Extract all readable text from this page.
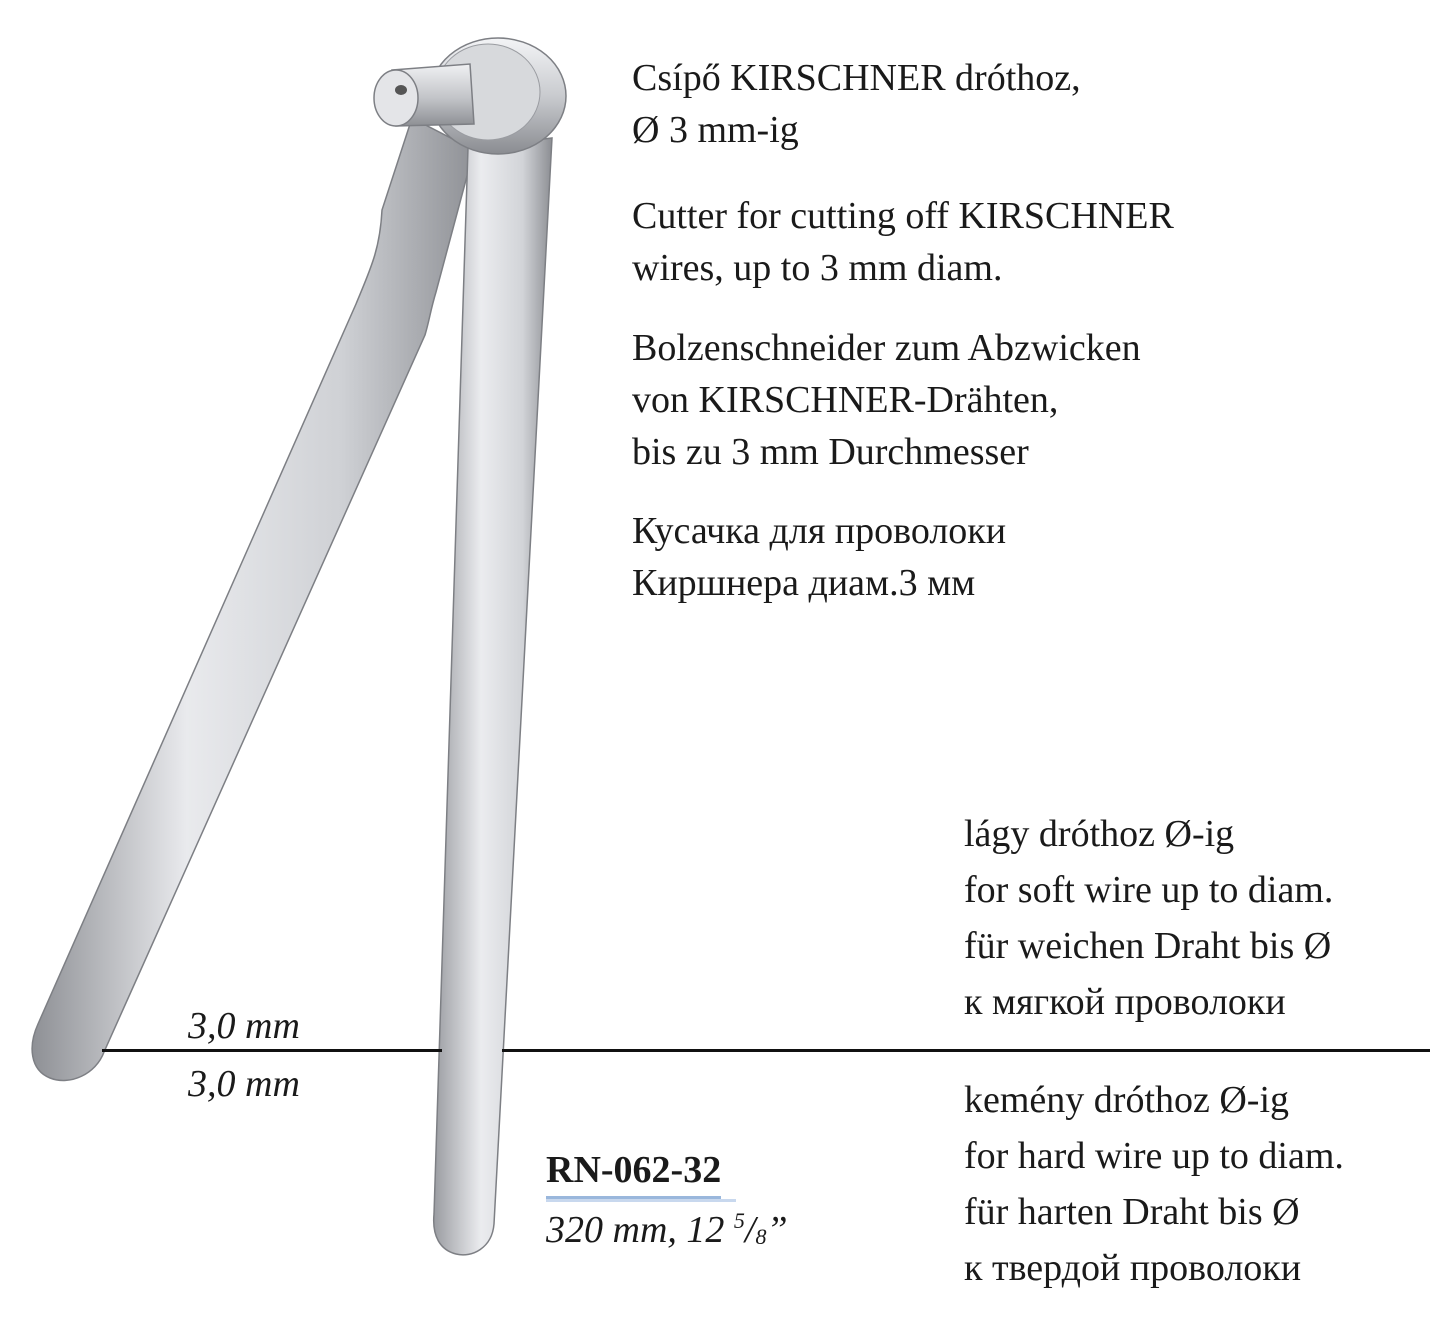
Csípő KIRSCHNER dróthoz,
Ø 3 mm-ig
Cutter for cutting off KIRSCHNER
wires, up to 3 mm diam.
Bolzenschneider zum Abzwicken
von KIRSCHNER-Drähten,
bis zu 3 mm Durchmesser
Кусачка для проволоки
Киршнера диам.3 мм
lágy dróthoz Ø-ig
for soft wire up to diam.
für weichen Draht bis Ø
к мягкой проволоки
3,0 mm
3,0 mm	kemény dróthoz Ø-ig
for hard wire up to diam.
für harten Draht bis Ø
к твердой проволоки
RN-062-32
320 mm, 12 $^5/_8$”
